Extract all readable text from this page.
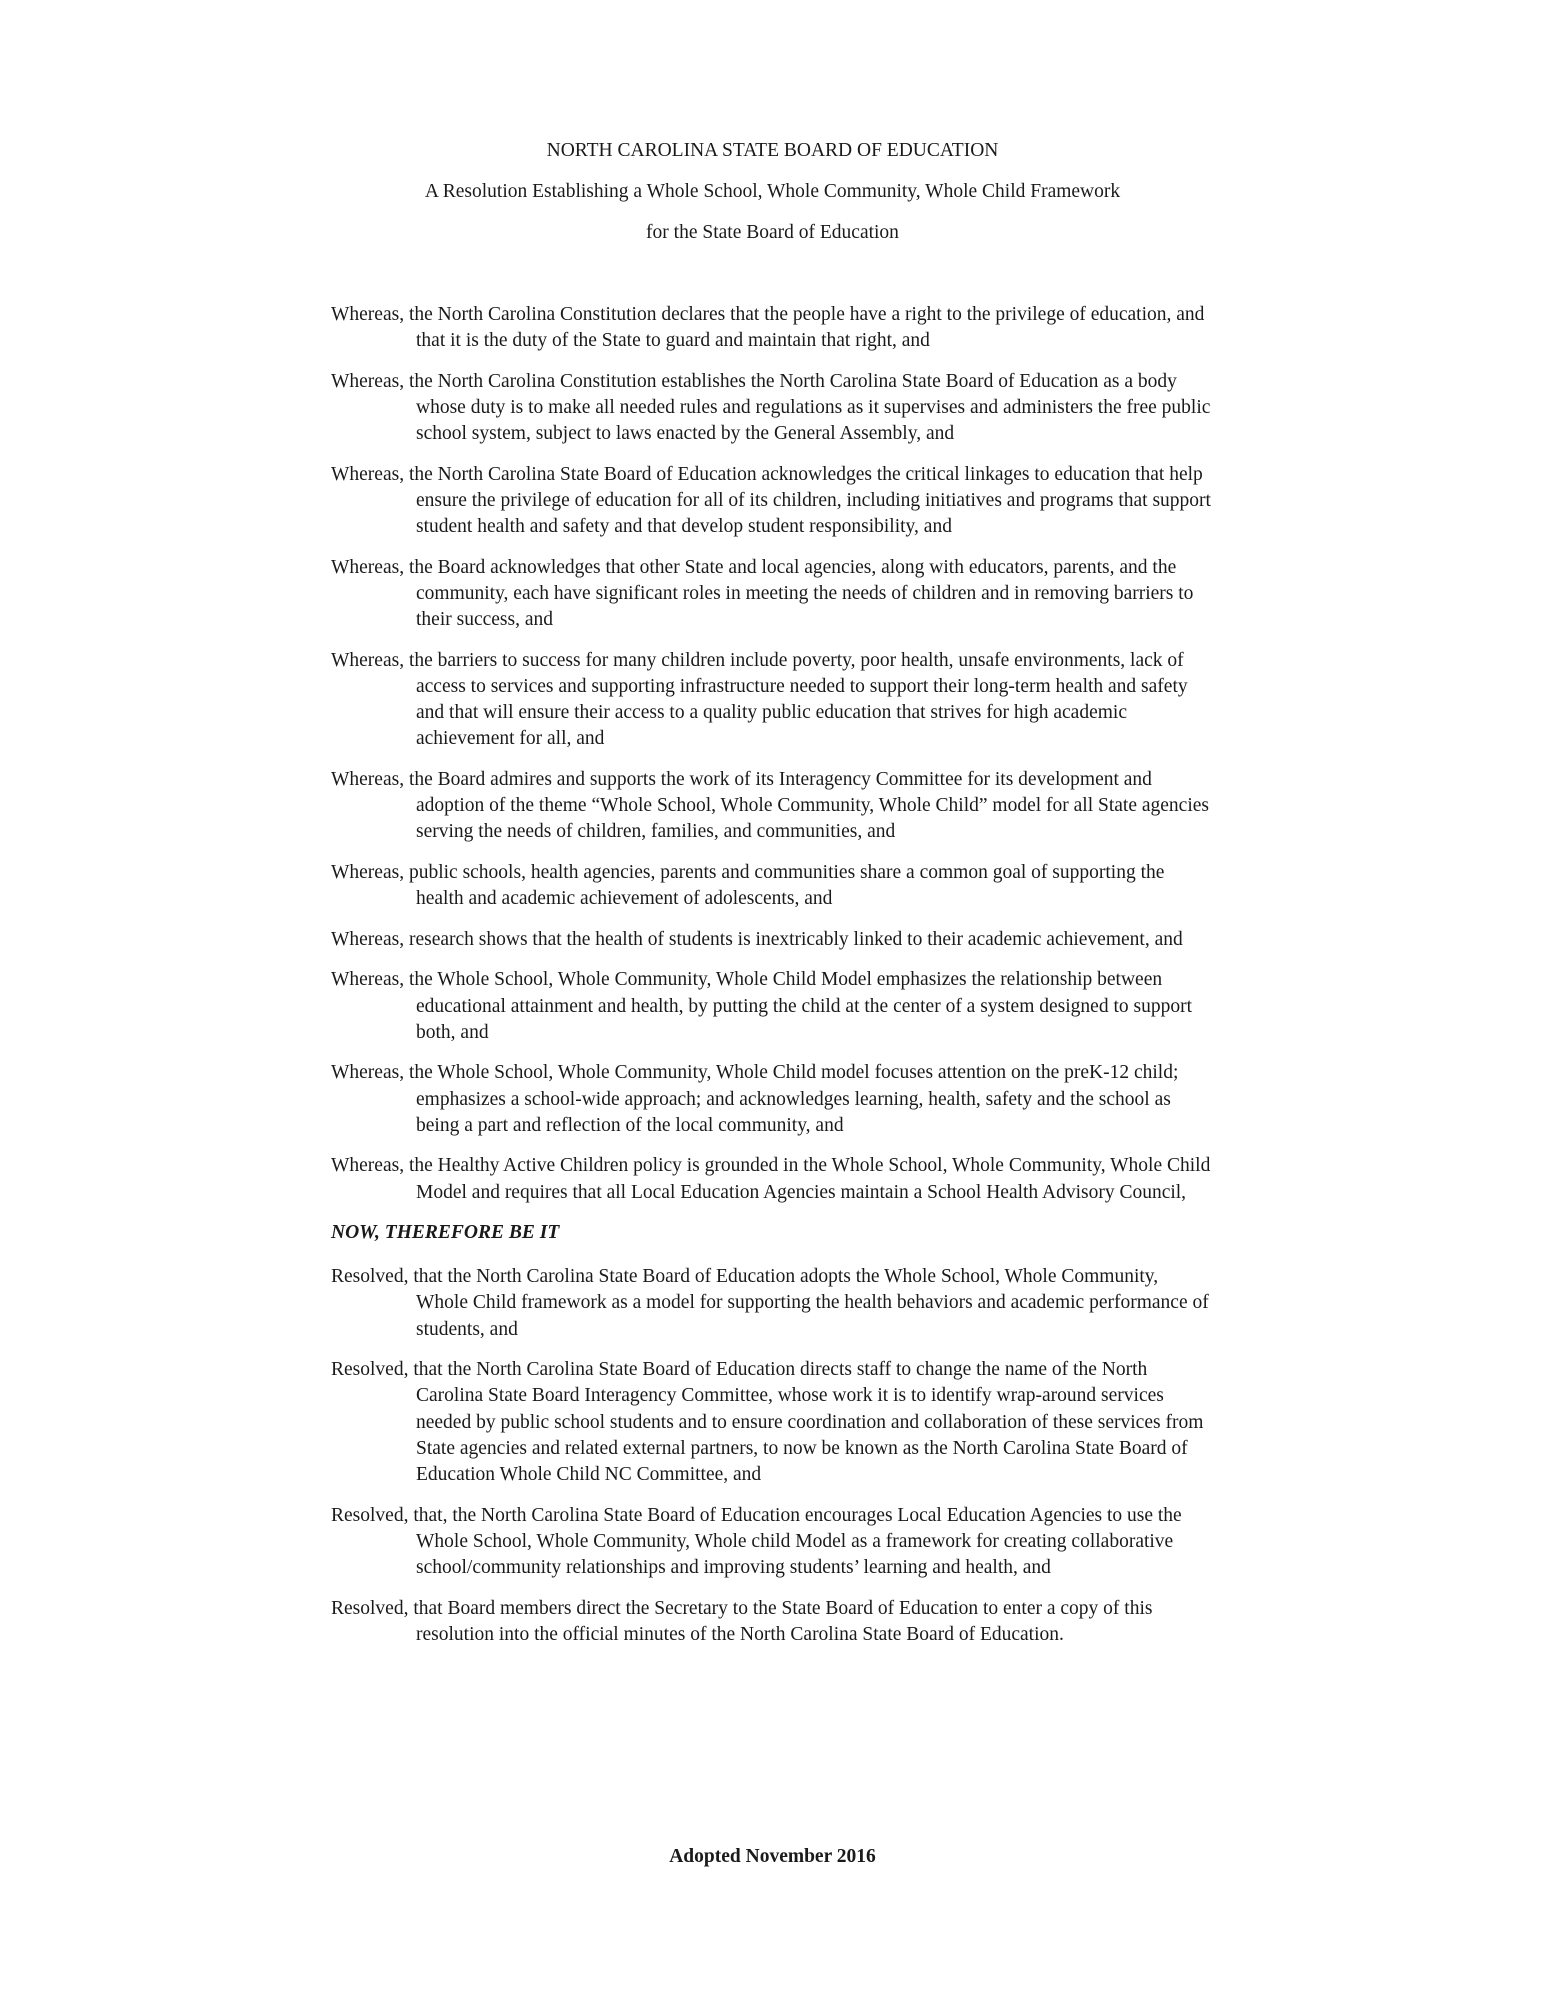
NORTH CAROLINA STATE BOARD OF EDUCATION

A Resolution Establishing a Whole School, Whole Community, Whole Child Framework

for the State Board of Education

Whereas, the North Carolina Constitution declares that the people have a right to the privilege of education, and that it is the duty of the State to guard and maintain that right, and

Whereas, the North Carolina Constitution establishes the North Carolina State Board of Education as a body whose duty is to make all needed rules and regulations as it supervises and administers the free public school system, subject to laws enacted by the General Assembly, and

Whereas, the North Carolina State Board of Education acknowledges the critical linkages to education that help ensure the privilege of education for all of its children, including initiatives and programs that support student health and safety and that develop student responsibility, and

Whereas, the Board acknowledges that other State and local agencies, along with educators, parents, and the community, each have significant roles in meeting the needs of children and in removing barriers to their success, and

Whereas, the barriers to success for many children include poverty, poor health, unsafe environments, lack of access to services and supporting infrastructure needed to support their long-term health and safety and that will ensure their access to a quality public education that strives for high academic achievement for all, and

Whereas, the Board admires and supports the work of its Interagency Committee for its development and adoption of the theme “Whole School, Whole Community, Whole Child” model for all State agencies serving the needs of children, families, and communities, and

Whereas, public schools, health agencies, parents and communities share a common goal of supporting the health and academic achievement of adolescents, and

Whereas, research shows that the health of students is inextricably linked to their academic achievement, and

Whereas, the Whole School, Whole Community, Whole Child Model emphasizes the relationship between educational attainment and health, by putting the child at the center of a system designed to support both, and

Whereas, the Whole School, Whole Community, Whole Child model focuses attention on the preK-12 child; emphasizes a school-wide approach; and acknowledges learning, health, safety and the school as being a part and reflection of the local community, and

Whereas, the Healthy Active Children policy is grounded in the Whole School, Whole Community, Whole Child Model and requires that all Local Education Agencies maintain a School Health Advisory Council,

NOW, THEREFORE BE IT

Resolved, that the North Carolina State Board of Education adopts the Whole School, Whole Community, Whole Child framework as a model for supporting the health behaviors and academic performance of students, and

Resolved, that the North Carolina State Board of Education directs staff to change the name of the North Carolina State Board Interagency Committee, whose work it is to identify wrap-around services needed by public school students and to ensure coordination and collaboration of these services from State agencies and related external partners, to now be known as the North Carolina State Board of Education Whole Child NC Committee, and

Resolved, that, the North Carolina State Board of Education encourages Local Education Agencies to use the Whole School, Whole Community, Whole child Model as a framework for creating collaborative school/community relationships and improving students’ learning and health, and

Resolved, that Board members direct the Secretary to the State Board of Education to enter a copy of this resolution into the official minutes of the North Carolina State Board of Education.

Adopted November 2016
